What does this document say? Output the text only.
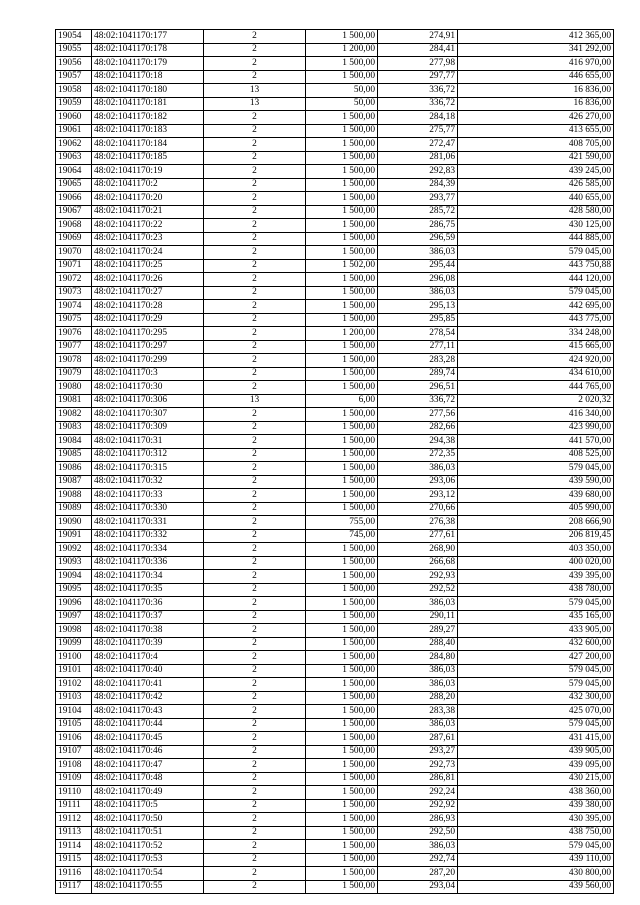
19054	48:02:1041170:177	2	1 500,00	274,91	412 365,00
19055	48:02:1041170:178	2	1 200,00	284,41	341 292,00
19056	48:02:1041170:179	2	1 500,00	277,98	416 970,00
19057	48:02:1041170:18	2	1 500,00	297,77	446 655,00
19058	48:02:1041170:180	13	50,00	336,72	16 836,00
19059	48:02:1041170:181	13	50,00	336,72	16 836,00
19060	48:02:1041170:182	2	1 500,00	284,18	426 270,00
19061	48:02:1041170:183	2	1 500,00	275,77	413 655,00
19062	48:02:1041170:184	2	1 500,00	272,47	408 705,00
19063	48:02:1041170:185	2	1 500,00	281,06	421 590,00
19064	48:02:1041170:19	2	1 500,00	292,83	439 245,00
19065	48:02:1041170:2	2	1 500,00	284,39	426 585,00
19066	48:02:1041170:20	2	1 500,00	293,77	440 655,00
19067	48:02:1041170:21	2	1 500,00	285,72	428 580,00
19068	48:02:1041170:22	2	1 500,00	286,75	430 125,00
19069	48:02:1041170:23	2	1 500,00	296,59	444 885,00
19070	48:02:1041170:24	2	1 500,00	386,03	579 045,00
19071	48:02:1041170:25	2	1 502,00	295,44	443 750,88
19072	48:02:1041170:26	2	1 500,00	296,08	444 120,00
19073	48:02:1041170:27	2	1 500,00	386,03	579 045,00
19074	48:02:1041170:28	2	1 500,00	295,13	442 695,00
19075	48:02:1041170:29	2	1 500,00	295,85	443 775,00
19076	48:02:1041170:295	2	1 200,00	278,54	334 248,00
19077	48:02:1041170:297	2	1 500,00	277,11	415 665,00
19078	48:02:1041170:299	2	1 500,00	283,28	424 920,00
19079	48:02:1041170:3	2	1 500,00	289,74	434 610,00
19080	48:02:1041170:30	2	1 500,00	296,51	444 765,00
19081	48:02:1041170:306	13	6,00	336,72	2 020,32
19082	48:02:1041170:307	2	1 500,00	277,56	416 340,00
19083	48:02:1041170:309	2	1 500,00	282,66	423 990,00
19084	48:02:1041170:31	2	1 500,00	294,38	441 570,00
19085	48:02:1041170:312	2	1 500,00	272,35	408 525,00
19086	48:02:1041170:315	2	1 500,00	386,03	579 045,00
19087	48:02:1041170:32	2	1 500,00	293,06	439 590,00
19088	48:02:1041170:33	2	1 500,00	293,12	439 680,00
19089	48:02:1041170:330	2	1 500,00	270,66	405 990,00
19090	48:02:1041170:331	2	755,00	276,38	208 666,90
19091	48:02:1041170:332	2	745,00	277,61	206 819,45
19092	48:02:1041170:334	2	1 500,00	268,90	403 350,00
19093	48:02:1041170:336	2	1 500,00	266,68	400 020,00
19094	48:02:1041170:34	2	1 500,00	292,93	439 395,00
19095	48:02:1041170:35	2	1 500,00	292,52	438 780,00
19096	48:02:1041170:36	2	1 500,00	386,03	579 045,00
19097	48:02:1041170:37	2	1 500,00	290,11	435 165,00
19098	48:02:1041170:38	2	1 500,00	289,27	433 905,00
19099	48:02:1041170:39	2	1 500,00	288,40	432 600,00
19100	48:02:1041170:4	2	1 500,00	284,80	427 200,00
19101	48:02:1041170:40	2	1 500,00	386,03	579 045,00
19102	48:02:1041170:41	2	1 500,00	386,03	579 045,00
19103	48:02:1041170:42	2	1 500,00	288,20	432 300,00
19104	48:02:1041170:43	2	1 500,00	283,38	425 070,00
19105	48:02:1041170:44	2	1 500,00	386,03	579 045,00
19106	48:02:1041170:45	2	1 500,00	287,61	431 415,00
19107	48:02:1041170:46	2	1 500,00	293,27	439 905,00
19108	48:02:1041170:47	2	1 500,00	292,73	439 095,00
19109	48:02:1041170:48	2	1 500,00	286,81	430 215,00
19110	48:02:1041170:49	2	1 500,00	292,24	438 360,00
19111	48:02:1041170:5	2	1 500,00	292,92	439 380,00
19112	48:02:1041170:50	2	1 500,00	286,93	430 395,00
19113	48:02:1041170:51	2	1 500,00	292,50	438 750,00
19114	48:02:1041170:52	2	1 500,00	386,03	579 045,00
19115	48:02:1041170:53	2	1 500,00	292,74	439 110,00
19116	48:02:1041170:54	2	1 500,00	287,20	430 800,00
19117	48:02:1041170:55	2	1 500,00	293,04	439 560,00
